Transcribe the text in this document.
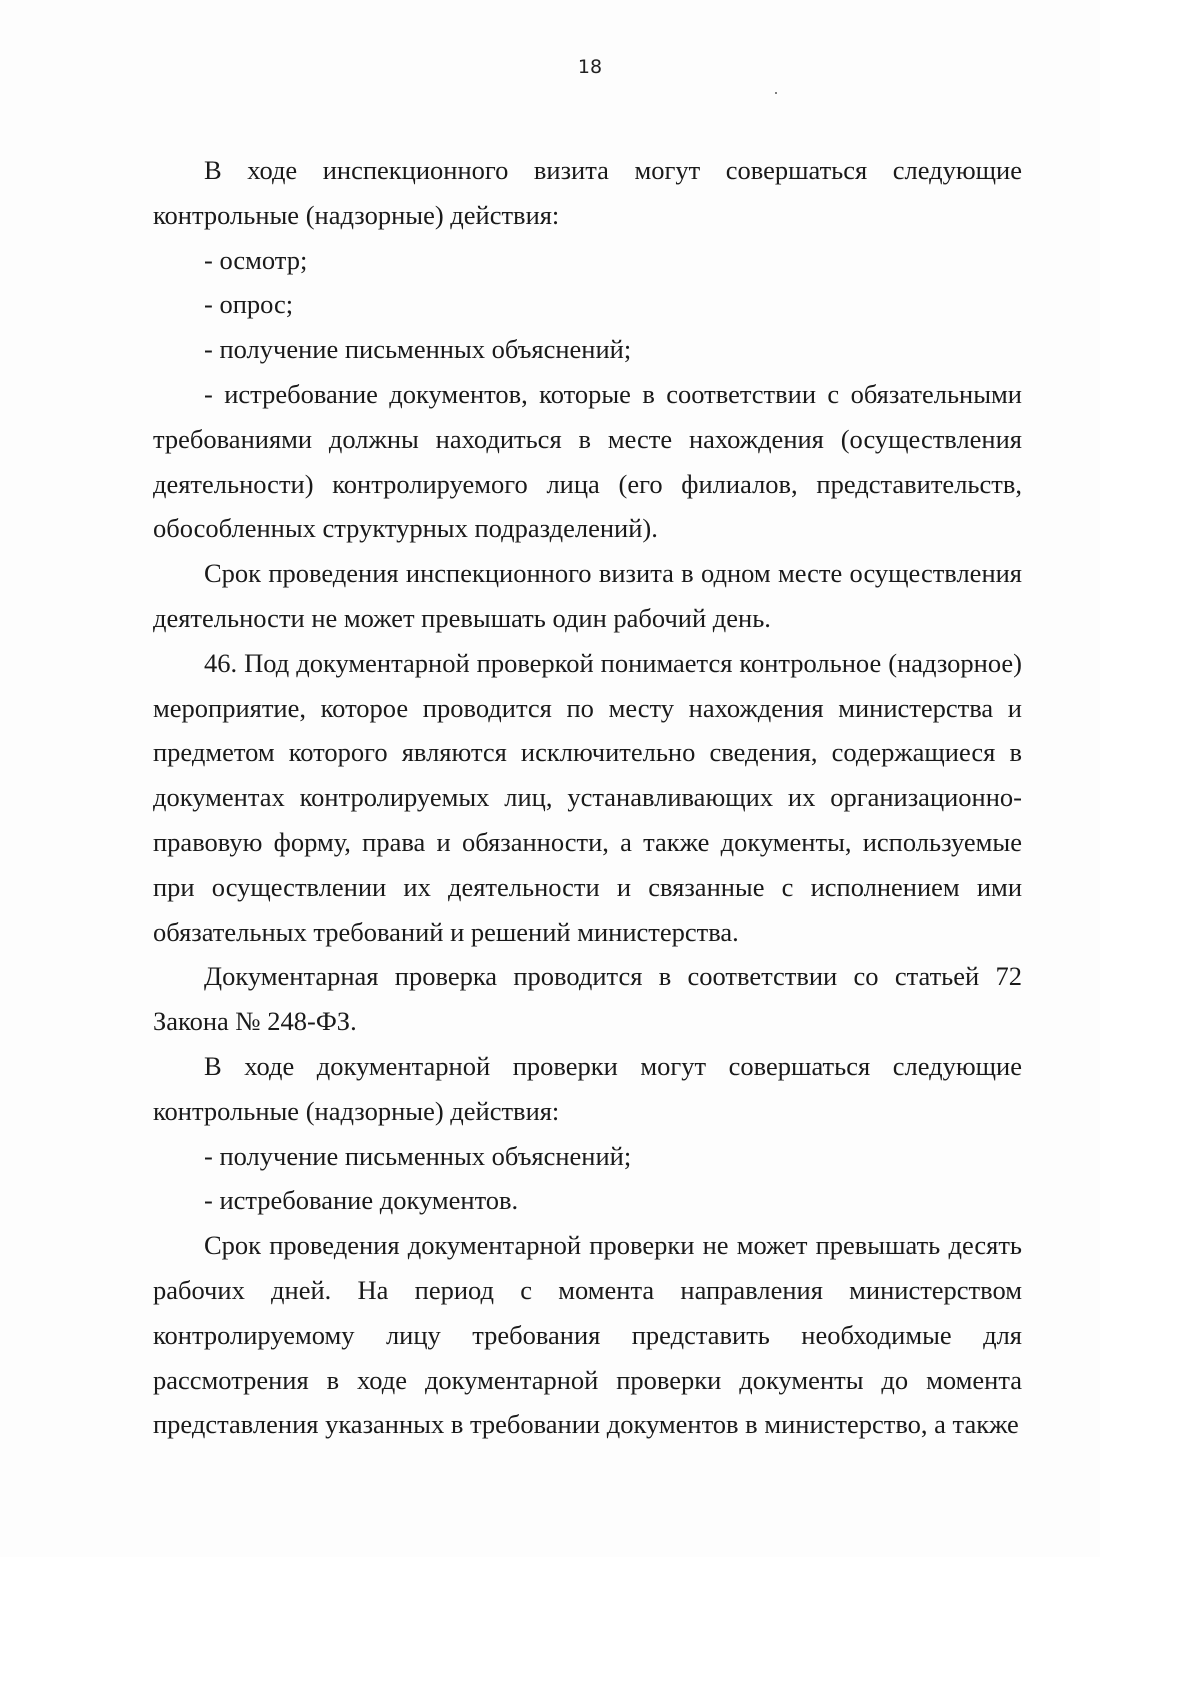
18

В ходе инспекционного визита могут совершаться следующие контрольные (надзорные) действия:

- осмотр;

- опрос;

- получение письменных объяснений;

- истребование документов, которые в соответствии с обязательными требованиями должны находиться в месте нахождения (осуществления деятельности) контролируемого лица (его филиалов, представительств, обособленных структурных подразделений).

Срок проведения инспекционного визита в одном месте осуществления деятельности не может превышать один рабочий день.

46. Под документарной проверкой понимается контрольное (надзорное) мероприятие, которое проводится по месту нахождения министерства и предметом которого являются исключительно сведения, содержащиеся в документах контролируемых лиц, устанавливающих их организационно-правовую форму, права и обязанности, а также документы, используемые при осуществлении их деятельности и связанные с исполнением ими обязательных требований и решений министерства.

Документарная проверка проводится в соответствии со статьей 72 Закона № 248-ФЗ.

В ходе документарной проверки могут совершаться следующие контрольные (надзорные) действия:

- получение письменных объяснений;

- истребование документов.

Срок проведения документарной проверки не может превышать десять рабочих дней. На период с момента направления министерством контролируемому лицу требования представить необходимые для рассмотрения в ходе документарной проверки документы до момента представления указанных в требовании документов в министерство, а также
